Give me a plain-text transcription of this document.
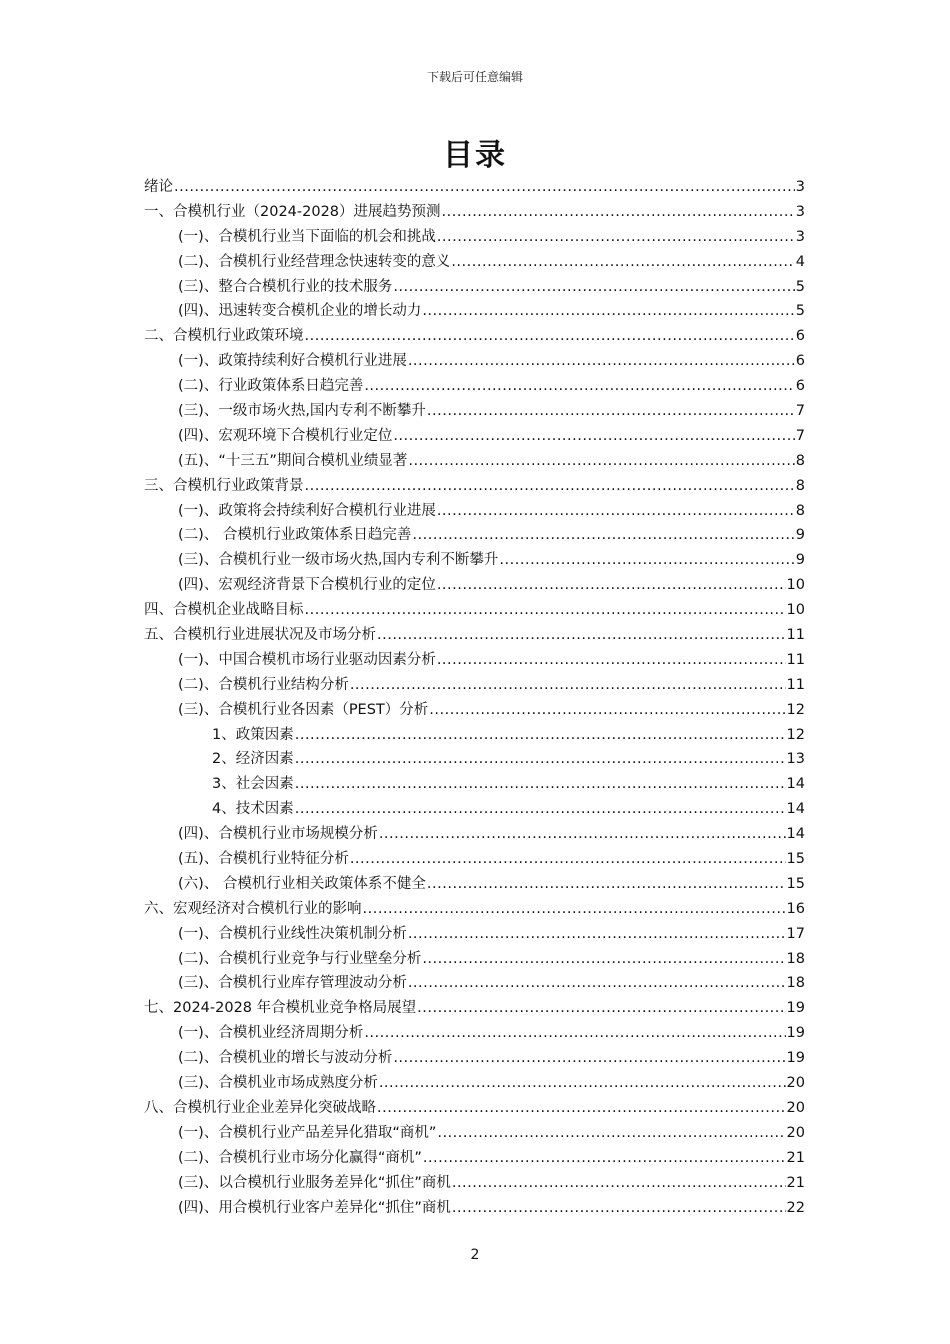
下载后可任意编辑
目录
绪论 .....	3
一、合模机行业（2024-2028）进展趋势预测 .....	3
(一)、合模机行业当下面临的机会和挑战 .....	3
(二)、合模机行业经营理念快速转变的意义 .....	4
(三)、整合合模机行业的技术服务 .....	5
(四)、迅速转变合模机企业的增长动力 .....	5
二、合模机行业政策环境 .....	6
(一)、政策持续利好合模机行业进展 .....	6
(二)、行业政策体系日趋完善 .....	6
(三)、一级市场火热,国内专利不断攀升 .....	7
(四)、宏观环境下合模机行业定位 .....	7
(五)、“十三五”期间合模机业绩显著 .....	8
三、合模机行业政策背景 .....	8
(一)、政策将会持续利好合模机行业进展 .....	8
(二)、 合模机行业政策体系日趋完善 .....	9
(三)、合模机行业一级市场火热,国内专利不断攀升 .....	9
(四)、宏观经济背景下合模机行业的定位 .....	10
四、合模机企业战略目标 .....	10
五、合模机行业进展状况及市场分析 .....	11
(一)、中国合模机市场行业驱动因素分析 .....	11
(二)、合模机行业结构分析 .....	11
(三)、合模机行业各因素（PEST）分析 .....	12
1、政策因素 .....	12
2、经济因素 .....	13
3、社会因素 .....	14
4、技术因素 .....	14
(四)、合模机行业市场规模分析 .....	14
(五)、合模机行业特征分析 .....	15
(六)、 合模机行业相关政策体系不健全 .....	15
六、宏观经济对合模机行业的影响 .....	16
(一)、合模机行业线性决策机制分析 .....	17
(二)、合模机行业竞争与行业壁垒分析 .....	18
(三)、合模机行业库存管理波动分析 .....	18
七、2024-2028 年合模机业竞争格局展望 .....	19
(一)、合模机业经济周期分析 .....	19
(二)、合模机业的增长与波动分析 .....	19
(三)、合模机业市场成熟度分析 .....	20
八、合模机行业企业差异化突破战略 .....	20
(一)、合模机行业产品差异化猎取“商机” .....	20
(二)、合模机行业市场分化赢得“商机” .....	21
(三)、以合模机行业服务差异化“抓住”商机 .....	21
(四)、用合模机行业客户差异化“抓住”商机 .....	22
2
